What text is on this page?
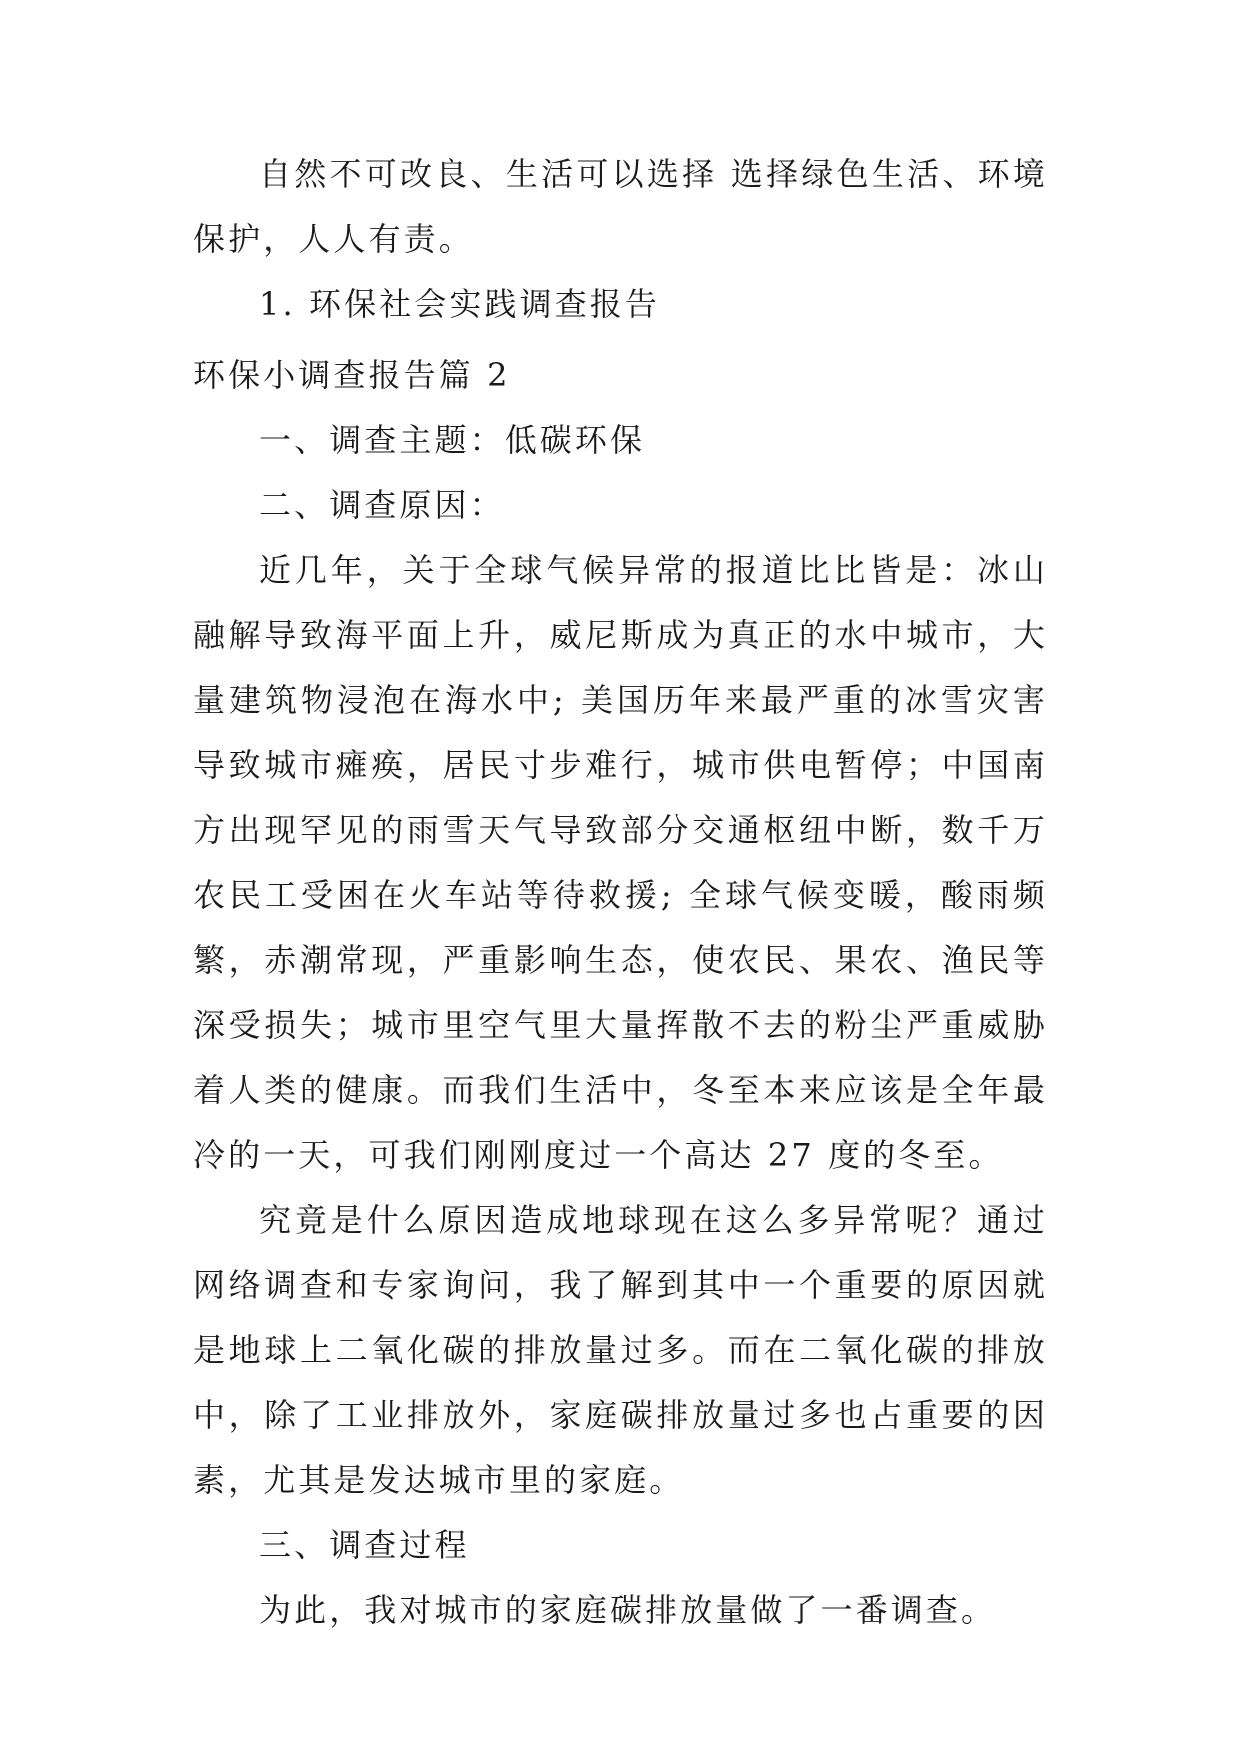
自然不可改良、生活可以选择 选择绿色生活、环境保护，人人有责。

1. 环保社会实践调查报告

环保小调查报告篇 2

一、调查主题：低碳环保

二、调查原因：

近几年，关于全球气候异常的报道比比皆是：冰山融解导致海平面上升，威尼斯成为真正的水中城市，大量建筑物浸泡在海水中; 美国历年来最严重的冰雪灾害导致城市瘫痪，居民寸步难行，城市供电暂停；中国南方出现罕见的雨雪天气导致部分交通枢纽中断，数千万农民工受困在火车站等待救援; 全球气候变暖，酸雨频繁，赤潮常现，严重影响生态，使农民、果农、渔民等深受损失；城市里空气里大量挥散不去的粉尘严重威胁着人类的健康。而我们生活中，冬至本来应该是全年最冷的一天，可我们刚刚度过一个高达 27 度的冬至。

究竟是什么原因造成地球现在这么多异常呢？通过网络调查和专家询问，我了解到其中一个重要的原因就是地球上二氧化碳的排放量过多。而在二氧化碳的排放中，除了工业排放外，家庭碳排放量过多也占重要的因素，尤其是发达城市里的家庭。

三、调查过程

为此，我对城市的家庭碳排放量做了一番调查。
